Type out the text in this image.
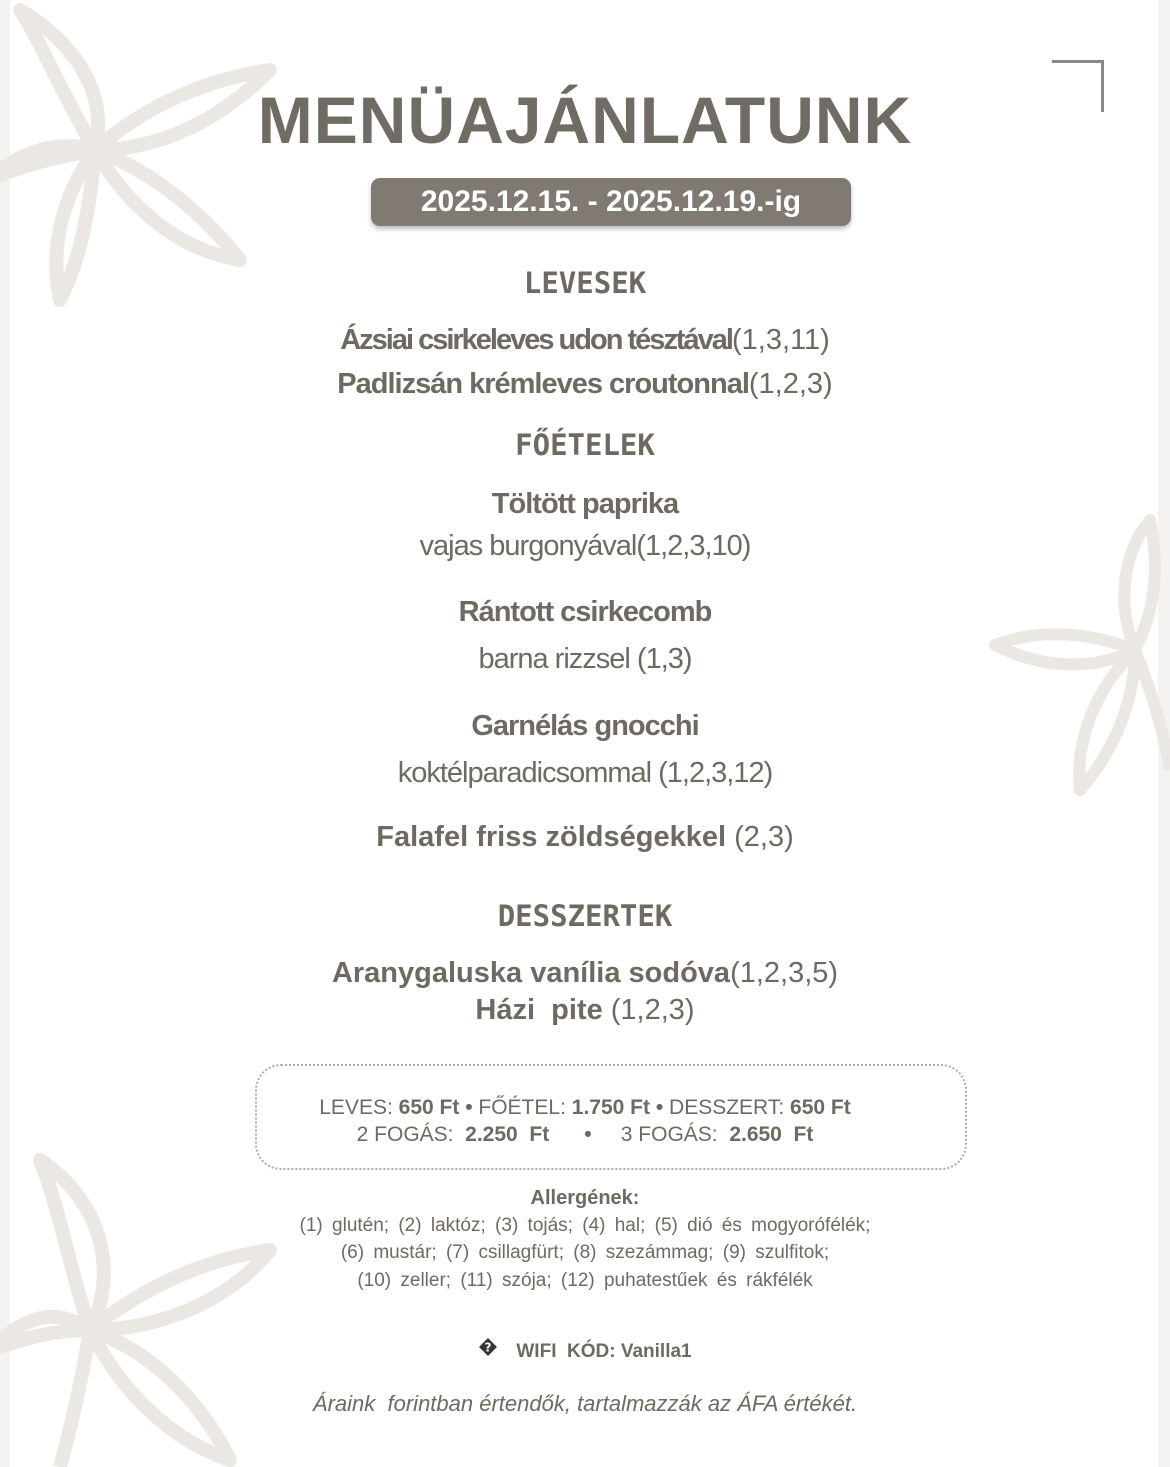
MENÜAJÁNLATUNK
2025.12.15. - 2025.12.19.-ig
LEVESEK
Ázsiai csirkeleves udon tésztával(1,3,11)
Padlizsán krémleves croutonnal(1,2,3)
FŐÉTELEK
Töltött paprika
vajas burgonyával(1,2,3,10)
Rántott csirkecomb
barna rizzsel (1,3)
Garnélás gnocchi
koktélparadicsommal (1,2,3,12)
Falafel friss zöldségekkel (2,3)
DESSZERTEK
Aranygaluska vanília sodóva(1,2,3,5)
Házi  pite (1,2,3)
LEVES: 650 Ft • FŐÉTEL: 1.750 Ft • DESSZERT: 650 Ft
2 FOGÁS: 2.250  Ft • 3 FOGÁS: 2.650  Ft
Allergének:
(1) glutén; (2) laktóz; (3) tojás; (4) hal; (5) dió és mogyorófélék;
(6) mustár; (7) csillagfürt; (8) szezámmag; (9) szulfitok;
(10) zeller; (11) szója; (12) puhatestűek és rákfélék
? WIFI  KÓD: Vanilla1
Áraink  forintban értendők, tartalmazzák az ÁFA értékét.
